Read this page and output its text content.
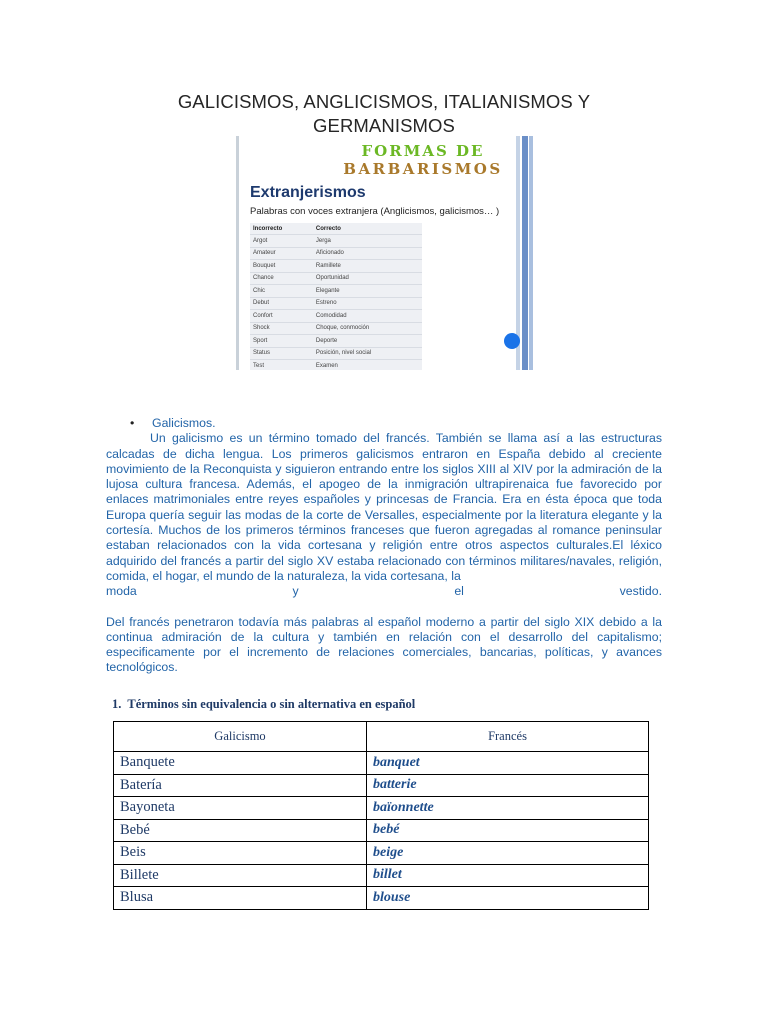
GALICISMOS, ANGLICISMOS, ITALIANISMOS Y
GERMANISMOS
FORMAS DE
BARBARISMOS
Extranjerismos
Palabras con voces extranjera (Anglicismos, galicismos… )
Incorrecto	Correcto
Argot	Jerga
Amateur	Aficionado
Bouquet	Ramillete
Chance	Oportunidad
Chic	Elegante
Debut	Estreno
Confort	Comodidad
Shock	Choque, conmoción
Sport	Deporte
Status	Posición, nivel social
Test	Examen
• Galicismos.
Un galicismo es un término tomado del francés. También se llama así a las estructuras calcadas de dicha lengua. Los primeros galicismos entraron en España debido al creciente movimiento de la Reconquista y siguieron entrando entre los siglos XIII al XIV por la admiración de la lujosa cultura francesa. Además, el apogeo de la inmigración ultrapirenaica fue favorecido por enlaces matrimoniales entre reyes españoles y princesas de Francia. Era en ésta época que toda Europa quería seguir las modas de la corte de Versalles, especialmente por la literatura elegante y la cortesía. Muchos de los primeros términos franceses que fueron agregadas al romance peninsular estaban relacionados con la vida cortesana y religión entre otros aspectos culturales.El léxico adquirido del francés a partir del siglo XV estaba relacionado con términos militares/navales, religión, comida, el hogar, el mundo de la naturaleza, la vida cortesana, la
moda	y	el	vestido.
Del francés penetraron todavía más palabras al español moderno a partir del siglo XIX debido a la continua admiración de la cultura y también en relación con el desarrollo del capitalismo; especificamente por el incremento de relaciones comerciales, bancarias, políticas, y avances tecnológicos.
1. Términos sin equivalencia o sin alternativa en español
Galicismo	Francés
Banquete	banquet
Batería	batterie
Bayoneta	baïonnette
Bebé	bebé
Beis	beige
Billete	billet
Blusa	blouse
